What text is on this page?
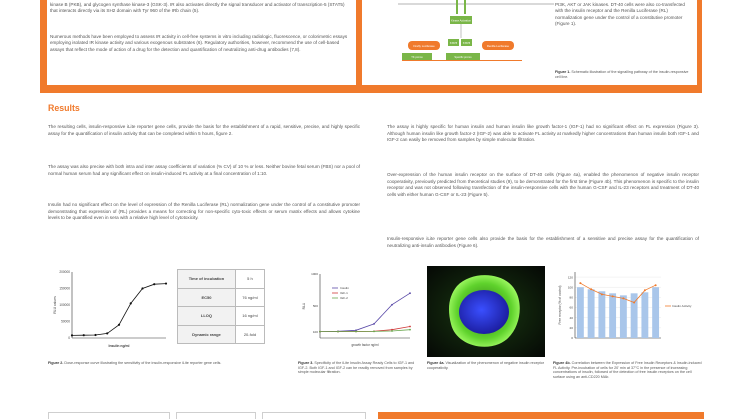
kinase B (PKB), and glycogen synthase kinase-3 (GSK-3). IR also activates directly the signal transducer and activator of transcription-5 (STAT5) that interacts directly via its SH2 domain with Tyr 960 of the IRb chain (5).

Numerous methods have been employed to assess IR activity in cell-free systems in vitro including radiologic, fluorescence, or colorimetric essays employing isolated IR kinase activity and various exogenous substrates (6). Regulatory authorities, however, recommend the use of cell-based assays that reflect the mode of action of a drug for the detection and quantification of neutralizing anti-drug antibodies (7,8).

Kinase Activation
Firefly Luciferase
STAT5 STAT5
Renilla Luciferase
TK promo	Specific promo

PI3K, AKT or JAK kinases. DT-40 cells were also co-transfected with the insulin receptor and the Renilla Luciferase (RL) normalization gene under the control of a constitutive promoter (Figure 1).

Figure 1. Schematic illustration of the signalling pathway of the insulin-responsive cell line.

Results

The resulting cells, insulin-responsive iLite reporter gene cells, provide the basis for the establishment of a rapid, sensitive, precise, and highly specific assay for the quantification of insulin activity that can be completed within 5 hours, figure 2.

The assay was also precise with both intra and inter assay coefficients of variation (% CV) of 10 % or less. Neither bovine fetal serum (FBS) nor a pool of normal human serum had any significant effect on insulin-induced FL activity at a final concentration of 1:10.

Insulin had no significant effect on the level of expression of the Renilla Luciferase (RL) normalization gene under the control of a constitutive promoter demonstrating that expression of (RL) provides a means for correcting for non-specific cyto-toxic effects or serum matrix effects and allows cytokine levels to be quantified even in sera with a relative high level of cytotoxicity.

The assay is highly specific for human insulin and human insulin like growth factor-1 (IGF-1) had no significant effect on FL expression (Figure 3). Although human insulin like growth factor-2 (IGF-2) was able to activate FL activity at markedly higher concentrations than human insulin both IGF-1 and IGF-2 can easily be removed from samples by simple molecular filtration.

Over-expression of the human insulin receptor on the surface of DT-40 cells (Figure 4a), enabled the phenomenon of negative insulin receptor cooperativity, previously predicted from theoretical studies (9), to be demonstrated for the first time (Figure 4b). This phenomenon is specific to the insulin receptor and was not observed following transfection of the insulin-responsive cells with the human G-CSF and IL-23 receptors and treatment of DT-40 cells with either human G-CSF or IL-23 (Figure 5).

Insulin-responsive iLite reporter gene cells also provide the basis for the establishment of a sensitive and precise assay for the quantification of neutralizing anti-insulin antibodies (Figure 6).

200000
150000
100000
50000
0
RLU values
Insulin ng/ml

Figure 2. Dose-response curve illustrating the sensitivity of the insulin-responsive iLite reporter gene cells.

Time of incubation	5 h
EC50	76 ng/ml
LLOQ	16 ng/ml
Dynamic range	20-fold
1000
500
100
RLU
growth factor ng/ml
Insulin
IGF-1
IGF-2

Figure 3. Specificity of the iLite Insulin Assay Ready Cells to IGF-1 and IGF-2. Both IGF-1 and IGF-2 can be readily removed from samples by simple molecular filtration.

Figure 4a. Visualization of the phenomenon of negative insulin receptor cooperativity.

120
100
80
60
40
20
0
Free receptor (% of control)	Insulin Activity

Figure 4b. Correlation between the Expression of Free Insulin Receptors & Insulin-induced FL Activity. Pre-incubation of cells for 20' min at 37°C in the presence of increasing concentrations of insulin, followed of the detection of free insulin receptors on the cell surface using an anti-CD220 MAb.
